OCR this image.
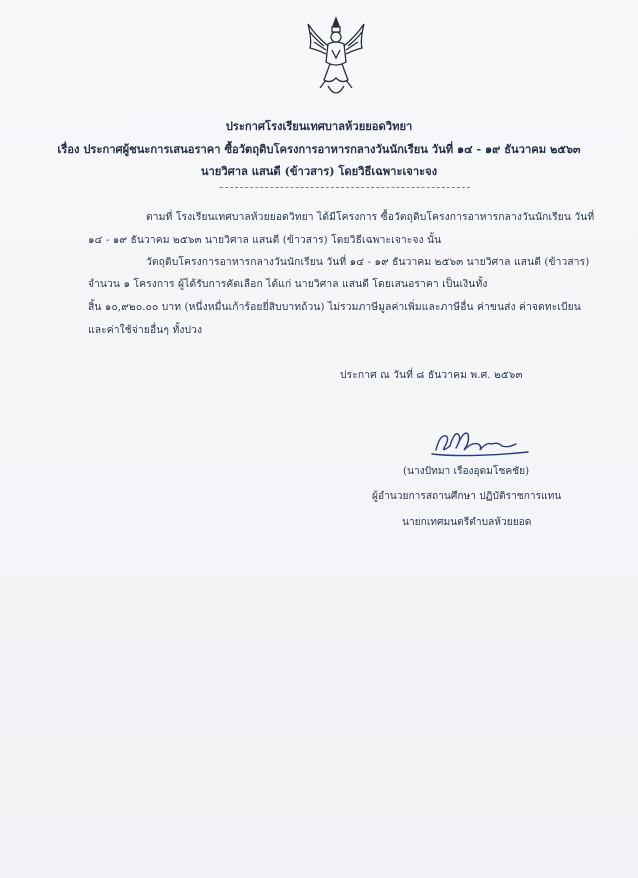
ประกาศโรงเรียนเทศบาลห้วยยอดวิทยา
เรื่อง ประกาศผู้ชนะการเสนอราคา ซื้อวัตถุดิบโครงการอาหารกลางวันนักเรียน วันที่ ๑๔ - ๑๙ ธันวาคม ๒๕๖๓
นายวิศาล แสนดี (ข้าวสาร) โดยวิธีเฉพาะเจาะจง
ตามที่ โรงเรียนเทศบาลห้วยยอดวิทยา ได้มีโครงการ ซื้อวัตถุดิบโครงการอาหารกลางวันนักเรียน วันที่
๑๔ - ๑๙ ธันวาคม ๒๕๖๓ นายวิศาล แสนดี (ข้าวสาร) โดยวิธีเฉพาะเจาะจง นั้น
วัตถุดิบโครงการอาหารกลางวันนักเรียน วันที่ ๑๔ - ๑๙ ธันวาคม ๒๕๖๓ นายวิศาล แสนดี (ข้าวสาร)
จำนวน ๑ โครงการ ผู้ได้รับการคัดเลือก ได้แก่ นายวิศาล แสนดี โดยเสนอราคา เป็นเงินทั้ง
สิ้น ๑๐,๙๒๐.๐๐ บาท (หนึ่งหมื่นเก้าร้อยยี่สิบบาทถ้วน) ไม่รวมภาษีมูลค่าเพิ่มและภาษีอื่น ค่าขนส่ง ค่าจดทะเบียน
และค่าใช้จ่ายอื่นๆ ทั้งปวง
ประกาศ ณ วันที่ ๘ ธันวาคม พ.ศ. ๒๕๖๓
(นางปัทมา เรืองอุดมโชคชัย)
ผู้อำนวยการสถานศึกษา ปฏิบัติราชการแทน
นายกเทศมนตรีตำบลห้วยยอด
